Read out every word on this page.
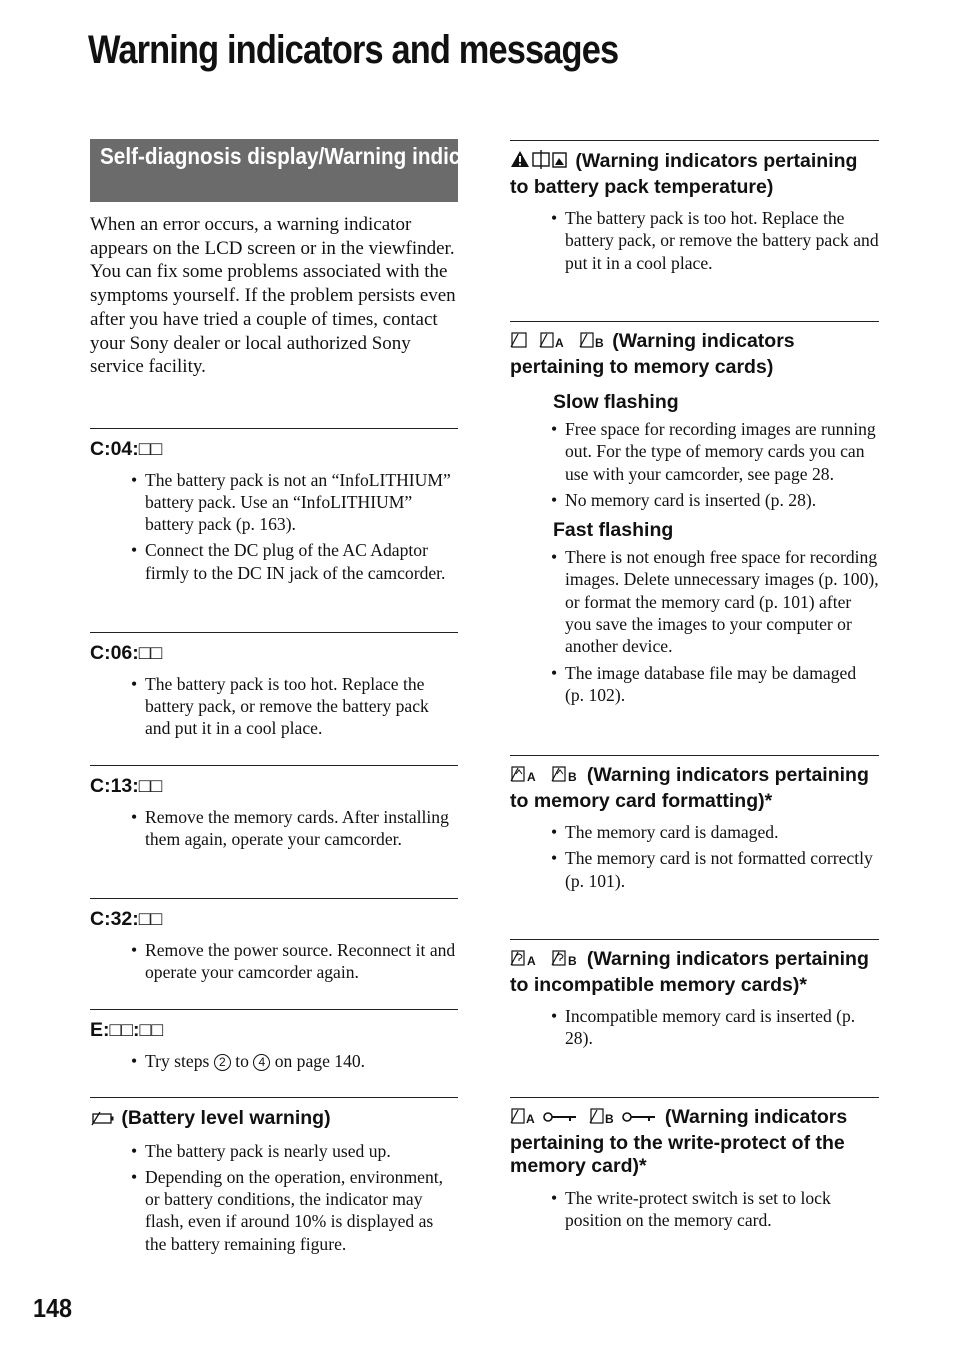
Warning indicators and messages
Self-diagnosis display/Warning indicators

When an error occurs, a warning indicator appears on the LCD screen or in the viewfinder.

You can fix some problems associated with the symptoms yourself. If the problem persists even after you have tried a couple of times, contact your Sony dealer or local authorized Sony service facility.

C:04:□□

• The battery pack is not an “InfoLITHIUM” battery pack. Use an “InfoLITHIUM” battery pack (p. 163).
• Connect the DC plug of the AC Adaptor firmly to the DC IN jack of the camcorder.

C:06:□□

• The battery pack is too hot. Replace the battery pack, or remove the battery pack and put it in a cool place.

C:13:□□

• Remove the memory cards. After installing them again, operate your camcorder.

C:32:□□

• Remove the power source. Reconnect it and operate your camcorder again.

E:□□:□□

• Try steps 2 to 4 on page 140.

(Battery level warning)

• The battery pack is nearly used up.
• Depending on the operation, environment, or battery conditions, the indicator may flash, even if around 10% is displayed as the battery remaining figure.

(Warning indicators pertaining to battery pack temperature)

• The battery pack is too hot. Replace the battery pack, or remove the battery pack and put it in a cool place.

A
	B (Warning indicators pertaining to memory cards)

Slow flashing

• Free space for recording images are running out. For the type of memory cards you can use with your camcorder, see page 28.
• No memory card is inserted (p. 28).

Fast flashing

• There is not enough free space for recording images. Delete unnecessary images (p. 100), or format the memory card (p. 101) after you save the images to your computer or another device.
• The image database file may be damaged (p. 102).

A
	B (Warning indicators pertaining to memory card formatting)*

• The memory card is damaged.
• The memory card is not formatted correctly (p. 101).

A
	B (Warning indicators pertaining to incompatible memory cards)*

• Incompatible memory card is inserted (p. 28).

A
	B	(Warning indicators pertaining to the write-protect of the memory card)*

• The write-protect switch is set to lock position on the memory card.
148
